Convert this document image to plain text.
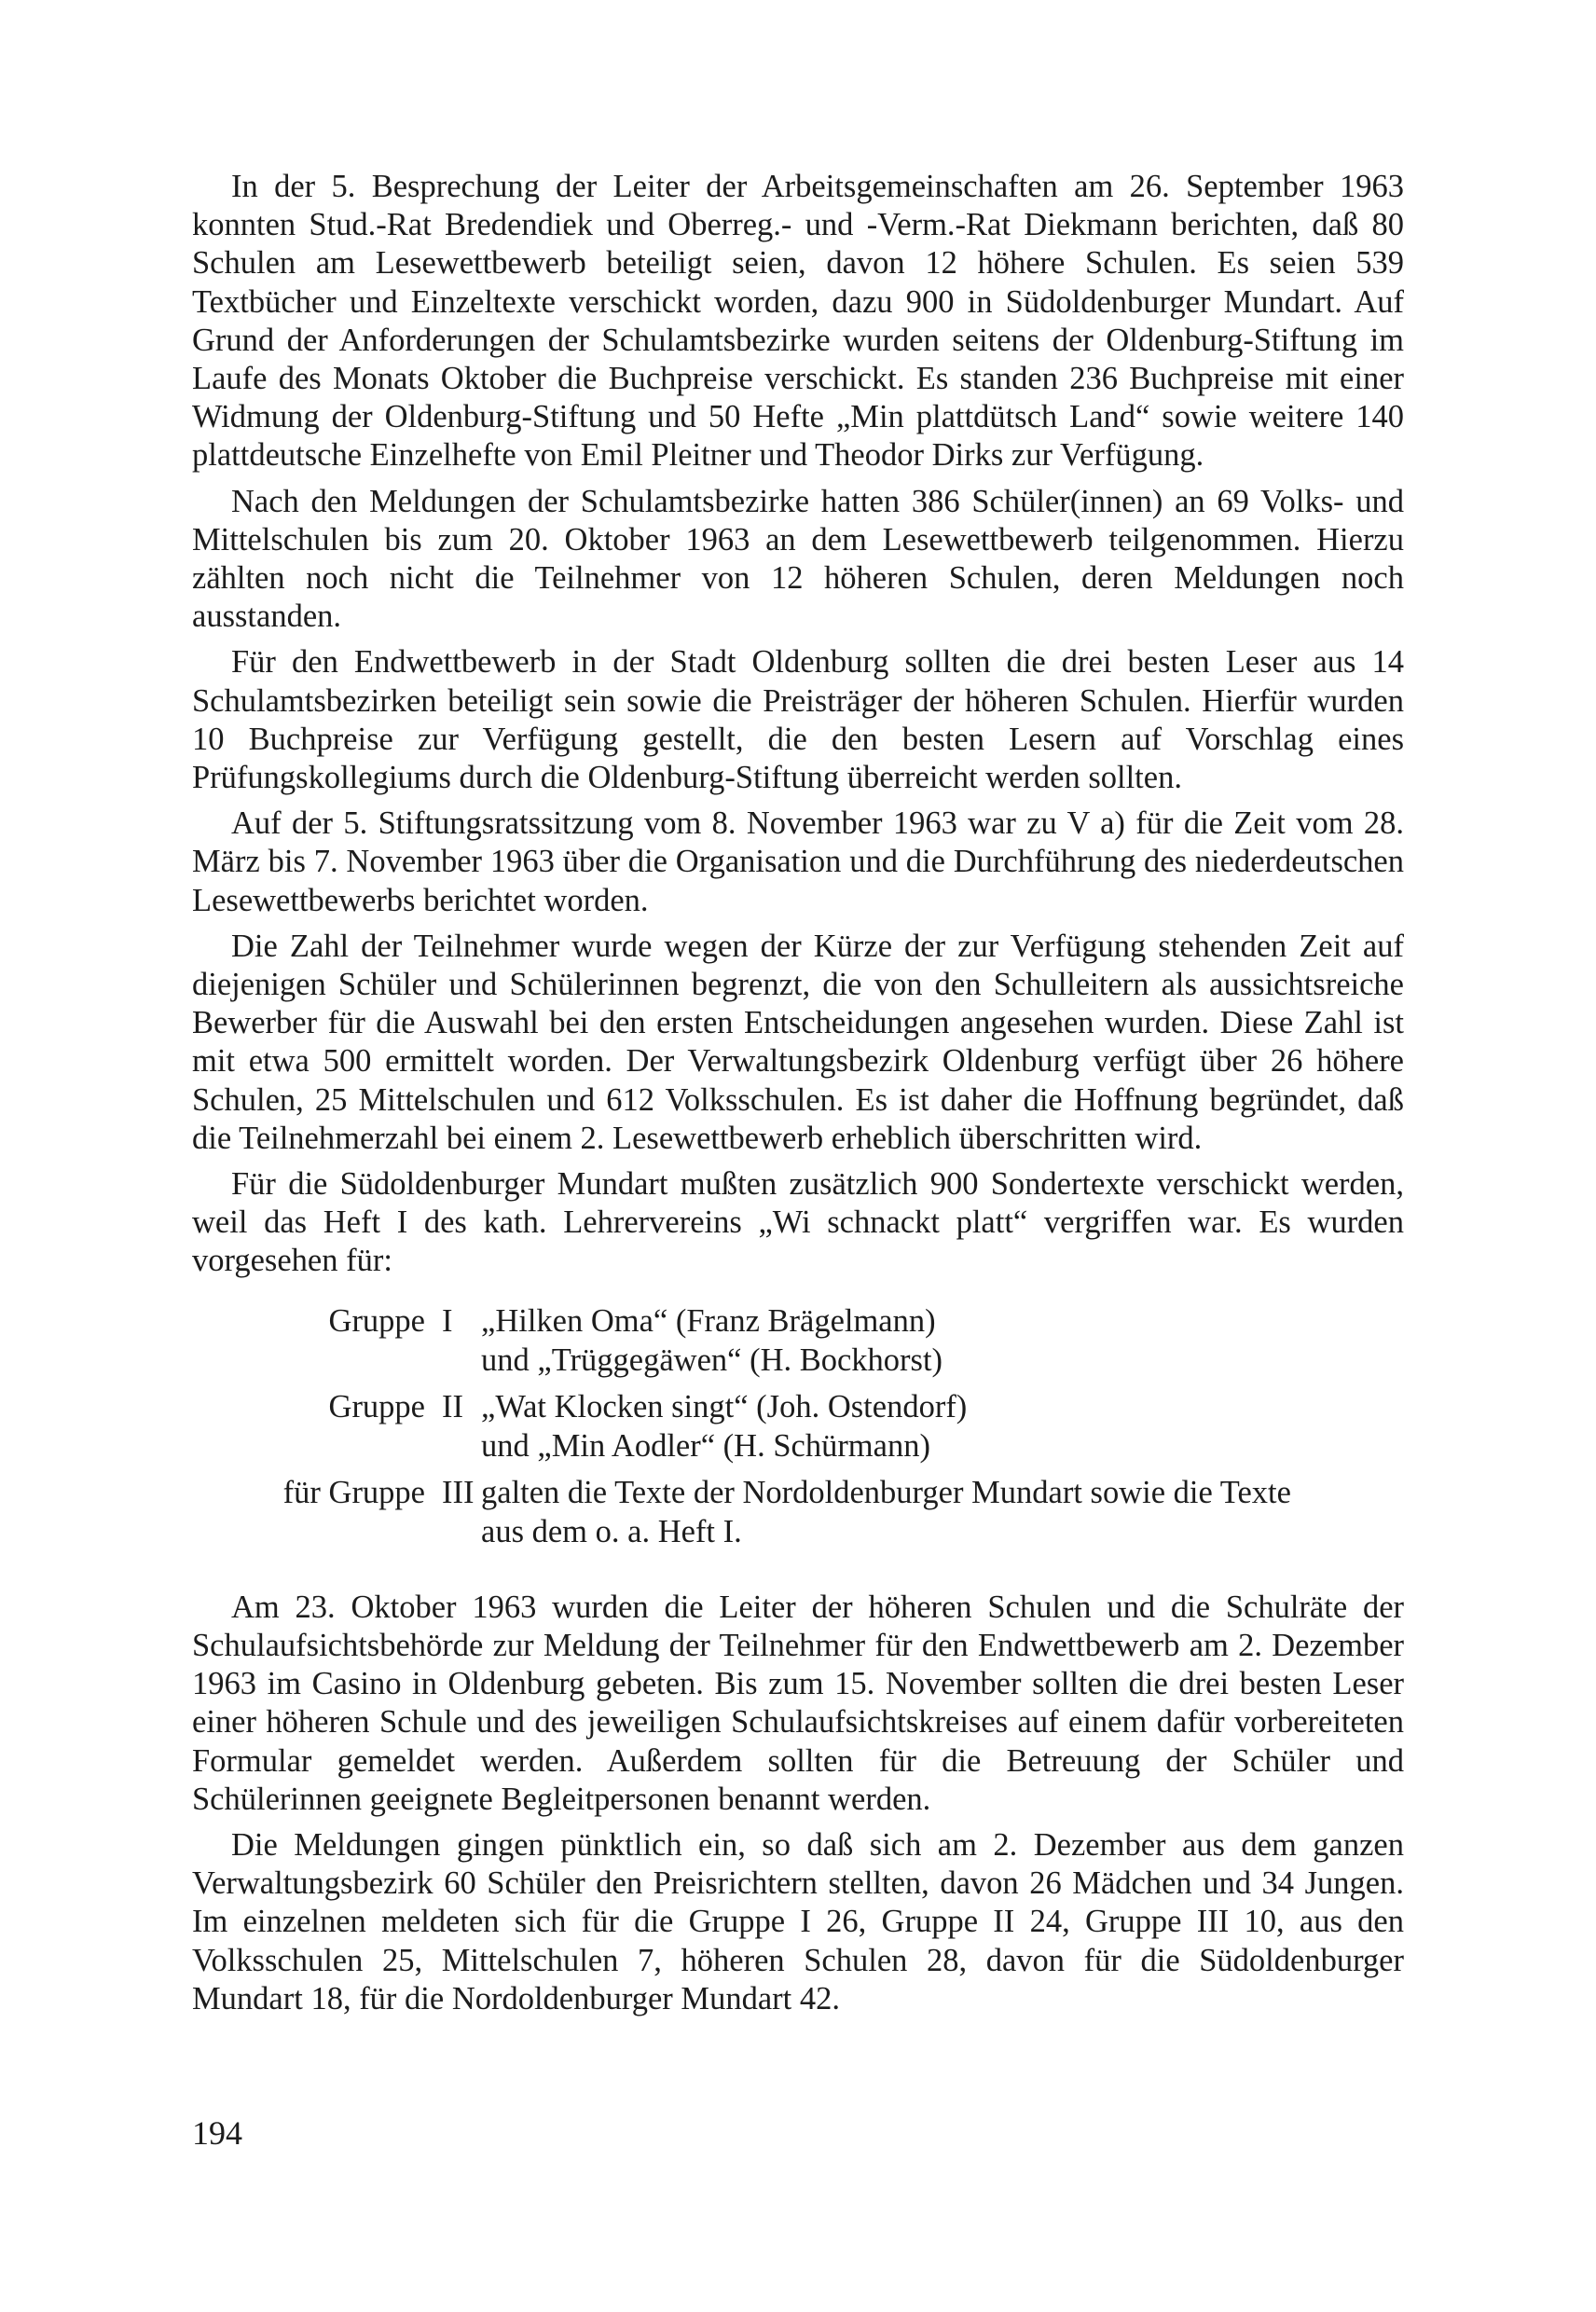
In der 5. Besprechung der Leiter der Arbeitsgemeinschaften am 26. September 1963 konnten Stud.-Rat Bredendiek und Oberreg.- und -Verm.-Rat Diekmann berichten, daß 80 Schulen am Lesewettbewerb beteiligt seien, davon 12 höhere Schulen. Es seien 539 Textbücher und Einzeltexte verschickt worden, dazu 900 in Südoldenburger Mundart. Auf Grund der Anforderungen der Schulamtsbezirke wurden seitens der Oldenburg-Stiftung im Laufe des Monats Oktober die Buchpreise verschickt. Es standen 236 Buchpreise mit einer Widmung der Oldenburg-Stiftung und 50 Hefte „Min plattdütsch Land“ sowie weitere 140 plattdeutsche Einzelhefte von Emil Pleitner und Theodor Dirks zur Verfügung.

Nach den Meldungen der Schulamtsbezirke hatten 386 Schüler(innen) an 69 Volks- und Mittelschulen bis zum 20. Oktober 1963 an dem Lesewettbewerb teilgenommen. Hierzu zählten noch nicht die Teilnehmer von 12 höheren Schulen, deren Meldungen noch ausstanden.

Für den Endwettbewerb in der Stadt Oldenburg sollten die drei besten Leser aus 14 Schulamtsbezirken beteiligt sein sowie die Preisträger der höheren Schulen. Hierfür wurden 10 Buchpreise zur Verfügung gestellt, die den besten Lesern auf Vorschlag eines Prüfungskollegiums durch die Oldenburg-Stiftung überreicht werden sollten.

Auf der 5. Stiftungsratssitzung vom 8. November 1963 war zu V a) für die Zeit vom 28. März bis 7. November 1963 über die Organisation und die Durchführung des niederdeutschen Lesewettbewerbs berichtet worden.

Die Zahl der Teilnehmer wurde wegen der Kürze der zur Verfügung stehenden Zeit auf diejenigen Schüler und Schülerinnen begrenzt, die von den Schulleitern als aussichtsreiche Bewerber für die Auswahl bei den ersten Entscheidungen angesehen wurden. Diese Zahl ist mit etwa 500 ermittelt worden. Der Verwaltungsbezirk Oldenburg verfügt über 26 höhere Schulen, 25 Mittelschulen und 612 Volksschulen. Es ist daher die Hoffnung begründet, daß die Teilnehmerzahl bei einem 2. Lesewettbewerb erheblich überschritten wird.

Für die Südoldenburger Mundart mußten zusätzlich 900 Sondertexte verschickt werden, weil das Heft I des kath. Lehrervereins „Wi schnackt platt“ vergriffen war. Es wurden vorgesehen für:

Gruppe I „Hilken Oma“ (Franz Brägelmann)
und „Trüggegäwen“ (H. Bockhorst)
Gruppe II „Wat Klocken singt“ (Joh. Ostendorf)
und „Min Aodler“ (H. Schürmann)
für Gruppe III galten die Texte der Nordoldenburger Mundart sowie die Texte
aus dem o. a. Heft I.

Am 23. Oktober 1963 wurden die Leiter der höheren Schulen und die Schulräte der Schulaufsichtsbehörde zur Meldung der Teilnehmer für den Endwettbewerb am 2. Dezember 1963 im Casino in Oldenburg gebeten. Bis zum 15. November sollten die drei besten Leser einer höheren Schule und des jeweiligen Schulaufsichtskreises auf einem dafür vorbereiteten Formular gemeldet werden. Außerdem sollten für die Betreuung der Schüler und Schülerinnen geeignete Begleitpersonen benannt werden.

Die Meldungen gingen pünktlich ein, so daß sich am 2. Dezember aus dem ganzen Verwaltungsbezirk 60 Schüler den Preisrichtern stellten, davon 26 Mädchen und 34 Jungen. Im einzelnen meldeten sich für die Gruppe I 26, Gruppe II 24, Gruppe III 10, aus den Volksschulen 25, Mittelschulen 7, höheren Schulen 28, davon für die Südoldenburger Mundart 18, für die Nordoldenburger Mundart 42.

194
